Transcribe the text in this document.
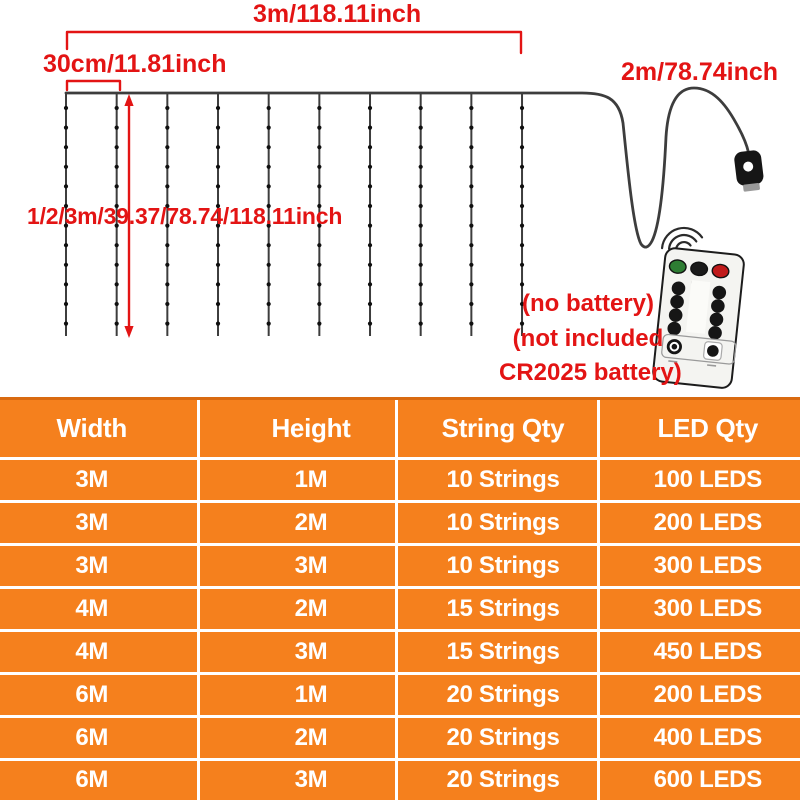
3m/118.11inch
30cm/11.81inch
1/2/3m/39.37/78.74/118.11inch
2m/78.74inch
(no battery)
(not included
CR2025 battery)
Width	Height	String Qty	LED Qty
3M	1M	10 Strings	100 LEDS
3M	2M	10 Strings	200 LEDS
3M	3M	10 Strings	300 LEDS
4M	2M	15 Strings	300 LEDS
4M	3M	15 Strings	450 LEDS
6M	1M	20 Strings	200 LEDS
6M	2M	20 Strings	400 LEDS
6M	3M	20 Strings	600 LEDS
